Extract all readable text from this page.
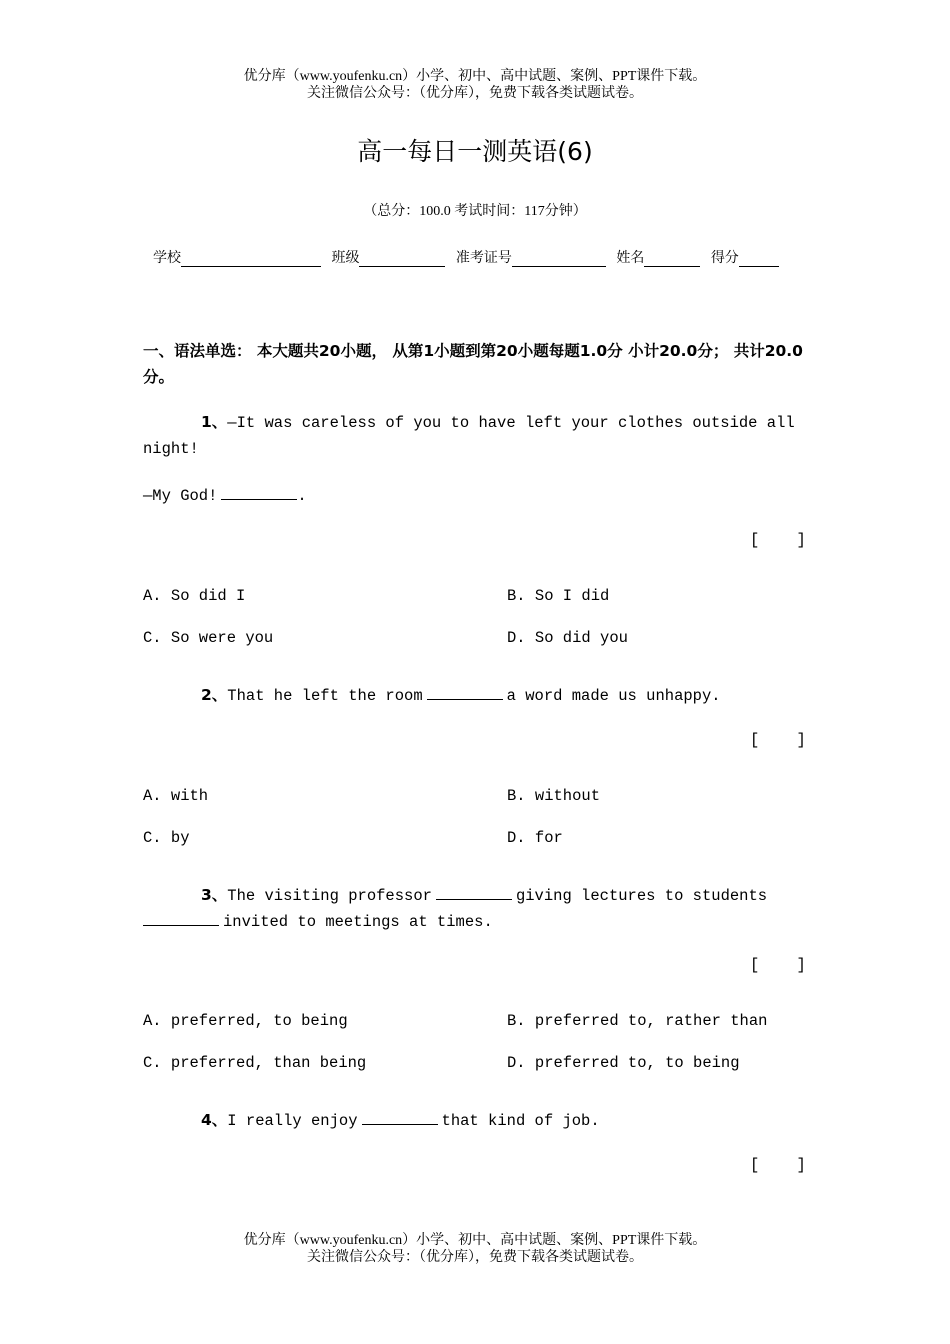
优分库（www.youfenku.cn）小学、初中、高中试题、案例、PPT课件下载。
关注微信公众号：（优分库），免费下载各类试题试卷。
高一每日一测英语(6)
（总分：100.0 考试时间：117分钟）
学校	班级	准考证号	姓名	得分
一、语法单选： 本大题共20小题， 从第1小题到第20小题每题1.0分 小计20.0分； 共计20.0分。
1、—It was careless of you to have left your clothes outside all night!
—My God!	.
[    ]
A. So did I	B. So I did
C. So were you	D. So did you
2、That he left the room	a word made us unhappy.
[    ]
A. with	B. without
C. by	D. for
3、The visiting professor	giving lectures to students
invited to meetings at times.
[    ]
A. preferred, to being	B. preferred to, rather than
C. preferred, than being	D. preferred to, to being
4、I really enjoy	that kind of job.
[    ]
优分库（www.youfenku.cn）小学、初中、高中试题、案例、PPT课件下载。
关注微信公众号：（优分库），免费下载各类试题试卷。
